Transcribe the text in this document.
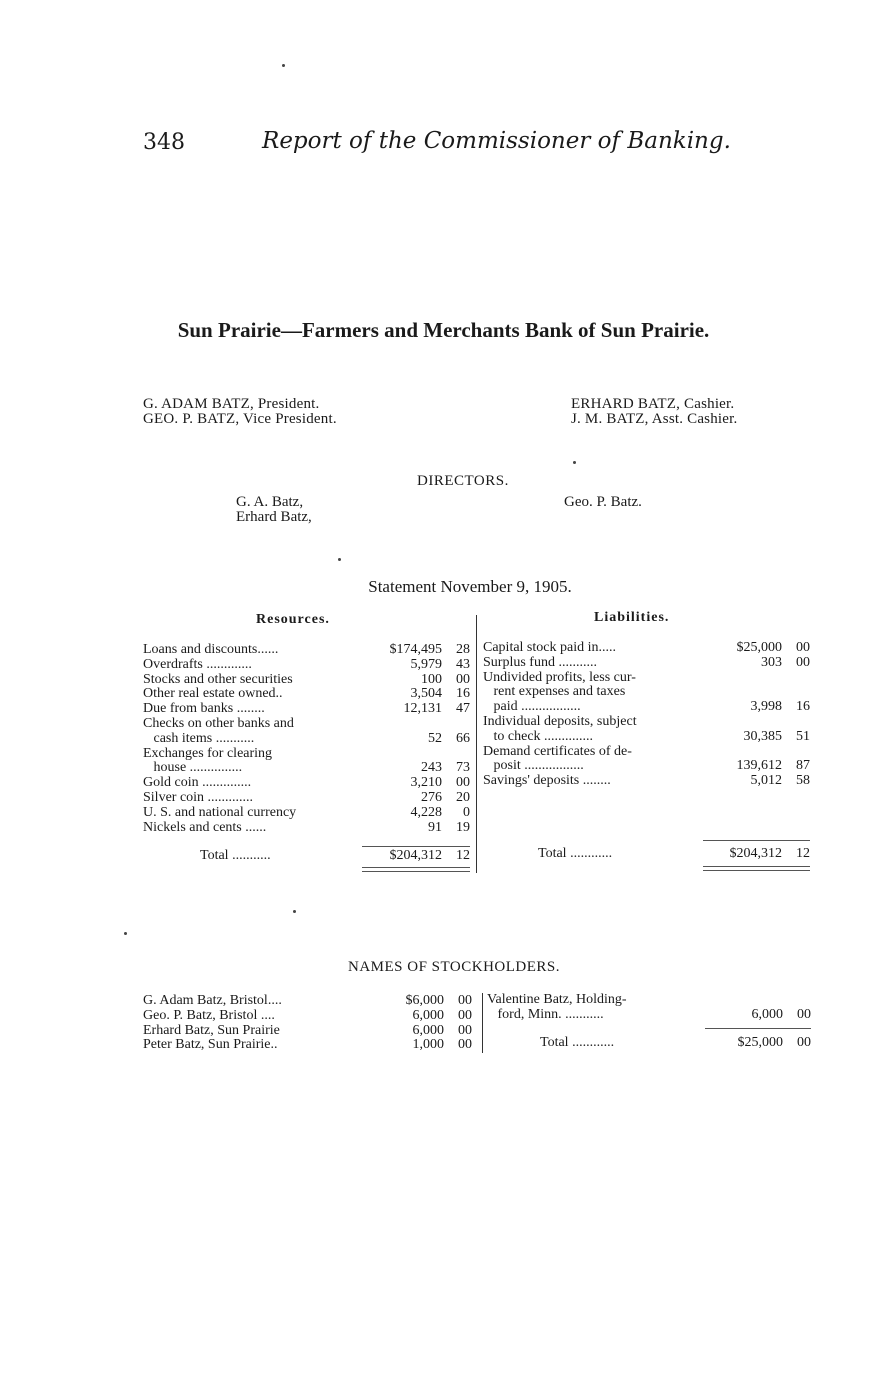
348	Report of the Commissioner of Banking.
Sun Prairie—Farmers and Merchants Bank of Sun Prairie.
G. ADAM BATZ, President.
GEO. P. BATZ, Vice President.
ERHARD BATZ, Cashier.
J. M. BATZ, Asst. Cashier.
DIRECTORS.
G. A. Batz,
Erhard Batz,
Geo. P. Batz.
Statement November 9, 1905.
Resources.	Liabilities.
Loans and discounts......	$174,495 28
Overdrafts .............	5,979 43
Stocks and other securities	100 00
Other real estate owned..	3,504 16
Due from banks ........	12,131 47
Checks on other banks and
cash items ...........	52 66
Exchanges for clearing
house ...............	243 73
Gold coin ..............	3,210 00
Silver coin .............	276 20
U. S. and national currency	4,228 0
Nickels and cents ......	91 19
Capital stock paid in.....	$25,000 00
Surplus fund ...........	303 00
Undivided profits, less cur-
rent expenses and taxes
paid .................	3,998 16
Individual deposits, subject
to check ..............	30,385 51
Demand certificates of de-
posit .................	139,612 87
Savings' deposits ........	5,012 58
Total ...........	$204,312 12	Total ............	$204,312 12
NAMES OF STOCKHOLDERS.
G. Adam Batz, Bristol....	$6,000 00
Geo. P. Batz, Bristol ....	6,000 00
Erhard Batz, Sun Prairie	6,000 00
Peter Batz, Sun Prairie..	1,000 00
Valentine Batz, Holding-
ford, Minn. ...........	6,000 00
Total ............	$25,000 00
